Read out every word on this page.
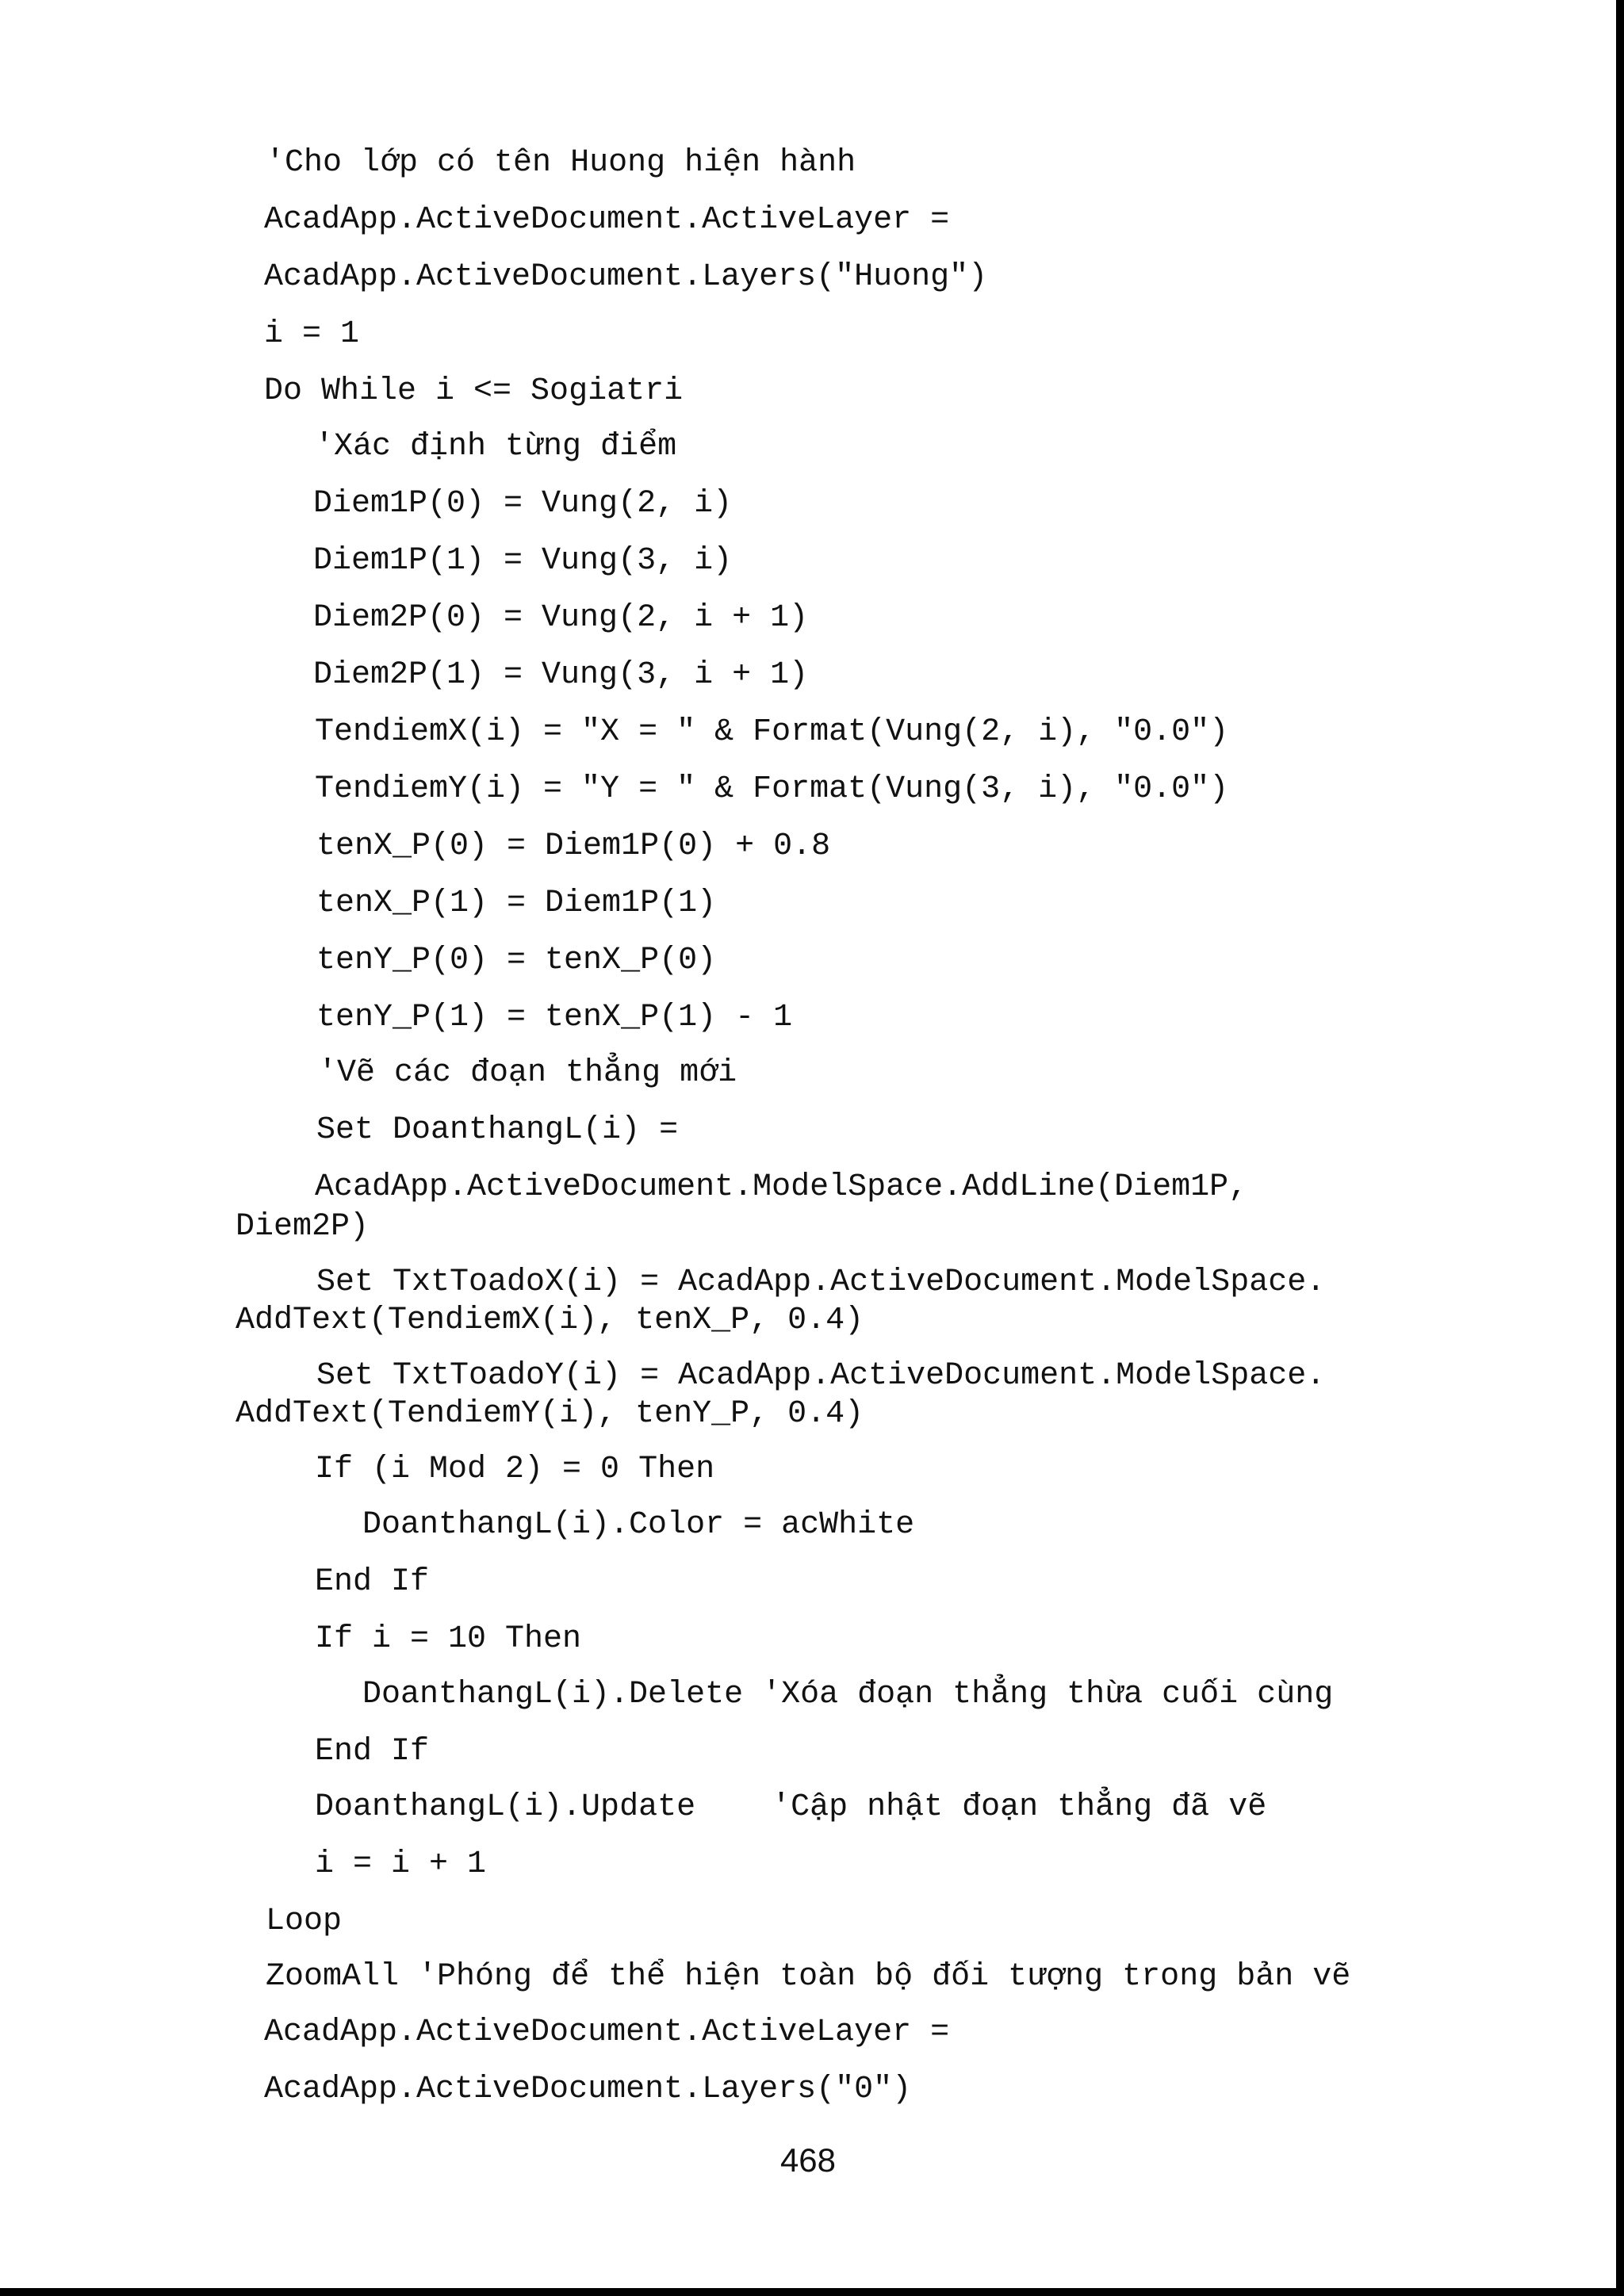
'Cho lớp có tên Huong hiện hành
AcadApp.ActiveDocument.ActiveLayer =
AcadApp.ActiveDocument.Layers("Huong")
i = 1
Do While i <= Sogiatri
'Xác định từng điểm
Diem1P(0) = Vung(2, i)
Diem1P(1) = Vung(3, i)
Diem2P(0) = Vung(2, i + 1)
Diem2P(1) = Vung(3, i + 1)
TendiemX(i) = "X = " & Format(Vung(2, i), "0.0")
TendiemY(i) = "Y = " & Format(Vung(3, i), "0.0")
tenX_P(0) = Diem1P(0) + 0.8
tenX_P(1) = Diem1P(1)
tenY_P(0) = tenX_P(0)
tenY_P(1) = tenX_P(1) - 1
'Vẽ các đoạn thẳng mới
Set DoanthangL(i) =
AcadApp.ActiveDocument.ModelSpace.AddLine(Diem1P,
Diem2P)
Set TxtToadoX(i) = AcadApp.ActiveDocument.ModelSpace.
AddText(TendiemX(i), tenX_P, 0.4)
Set TxtToadoY(i) = AcadApp.ActiveDocument.ModelSpace.
AddText(TendiemY(i), tenY_P, 0.4)
If (i Mod 2) = 0 Then
DoanthangL(i).Color = acWhite
End If
If i = 10 Then
DoanthangL(i).Delete 'Xóa đoạn thẳng thừa cuối cùng
End If
DoanthangL(i).Update    'Cập nhật đoạn thẳng đã vẽ
i = i + 1
Loop
ZoomAll 'Phóng để thể hiện toàn bộ đối tượng trong bản vẽ
AcadApp.ActiveDocument.ActiveLayer =
AcadApp.ActiveDocument.Layers("0")
468
